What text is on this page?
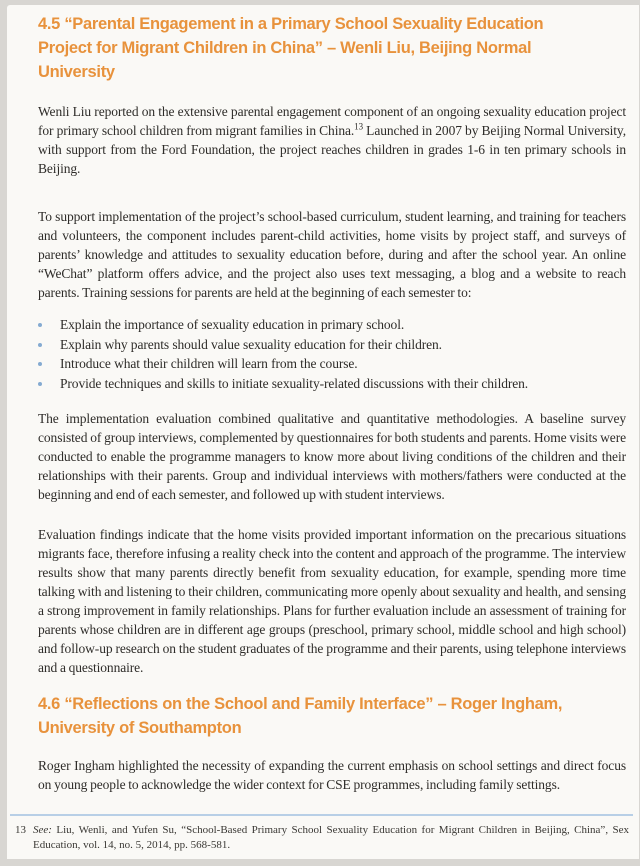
4.5 “Parental Engagement in a Primary School Sexuality Education
Project for Migrant Children in China” – Wenli Liu, Beijing Normal
University

Wenli Liu reported on the extensive parental engagement component of an ongoing sexuality education project for primary school children from migrant families in China.$^{13}$ Launched in 2007 by Beijing Normal University, with support from the Ford Foundation, the project reaches children in grades 1-6 in ten primary schools in Beijing.

To support implementation of the project’s school-based curriculum, student learning, and training for teachers and volunteers, the component includes parent-child activities, home visits by project staff, and surveys of parents’ knowledge and attitudes to sexuality education before, during and after the school year. An online “WeChat” platform offers advice, and the project also uses text messaging, a blog and a website to reach parents. Training sessions for parents are held at the beginning of each semester to:

Explain the importance of sexuality education in primary school.
Explain why parents should value sexuality education for their children.
Introduce what their children will learn from the course.
Provide techniques and skills to initiate sexuality-related discussions with their children.

The implementation evaluation combined qualitative and quantitative methodologies. A baseline survey consisted of group interviews, complemented by questionnaires for both students and parents. Home visits were conducted to enable the programme managers to know more about living conditions of the children and their relationships with their parents. Group and individual interviews with mothers/fathers were conducted at the beginning and end of each semester, and followed up with student interviews.

Evaluation findings indicate that the home visits provided important information on the precarious situations migrants face, therefore infusing a reality check into the content and approach of the programme. The interview results show that many parents directly benefit from sexuality education, for example, spending more time talking with and listening to their children, communicating more openly about sexuality and health, and sensing a strong improvement in family relationships. Plans for further evaluation include an assessment of training for parents whose children are in different age groups (preschool, primary school, middle school and high school) and follow-up research on the student graduates of the programme and their parents, using telephone interviews and a questionnaire.

4.6 “Reflections on the School and Family Interface” – Roger Ingham,
University of Southampton

Roger Ingham highlighted the necessity of expanding the current emphasis on school settings and direct focus on young people to acknowledge the wider context for CSE programmes, including family settings.

13 See: Liu, Wenli, and Yufen Su, “School-Based Primary School Sexuality Education for Migrant Children in Beijing, China”, Sex Education, vol. 14, no. 5, 2014, pp. 568-581.
